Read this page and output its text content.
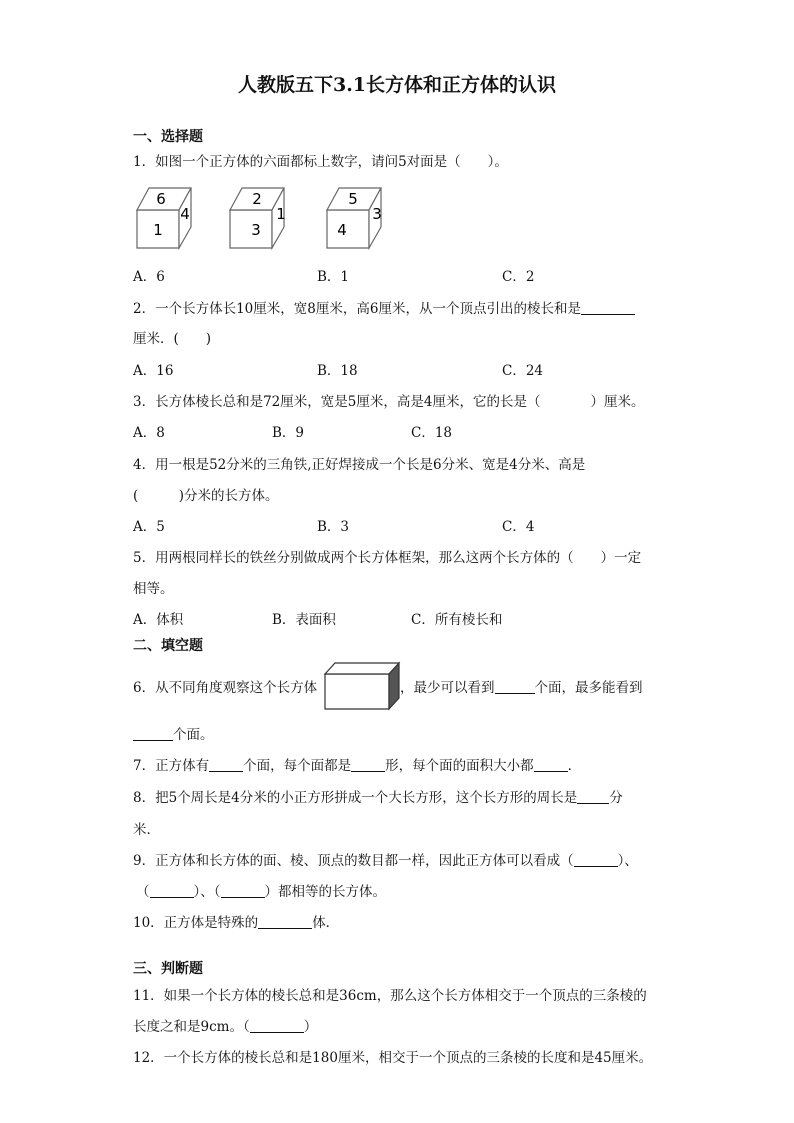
人教版五下3.1长方体和正方体的认识
一、选择题
1．如图一个正方体的六面都标上数字，请问5对面是（　　）。
6
1
4
2
3
1
5
4
3
A．6	B．1	C．2
2．一个长方体长10厘米，宽8厘米，高6厘米，从一个顶点引出的棱长和是
厘米．(　　)
A．16	B．18	C．24
3．长方体棱长总和是72厘米，宽是5厘米，高是4厘米，它的长是（	）厘米。
A．8	B．9	C．18
4．用一根是52分米的三角铁,正好焊接成一个长是6分米、宽是4分米、高是
(　　　)分米的长方体。
A．5	B．3	C．4
5．用两根同样长的铁丝分别做成两个长方体框架，那么这两个长方体的（　　）一定
相等。
A．体积	B．表面积	C．所有棱长和
二、填空题
6．从不同角度观察这个长方体	，最少可以看到	个面，最多能看到
个面。
7．正方体有	个面，每个面都是	形，每个面的面积大小都	．
8．把5个周长是4分米的小正方形拼成一个大长方形，这个长方形的周长是 分
米．
9．正方体和长方体的面、棱、顶点的数目都一样，因此正方体可以看成（	）、
（	）、（	）都相等的长方体。
10．正方体是特殊的	体．
三、判断题
11．如果一个长方体的棱长总和是36cm，那么这个长方体相交于一个顶点的三条棱的
长度之和是9cm。（	）
12．一个长方体的棱长总和是180厘米，相交于一个顶点的三条棱的长度和是45厘米。
